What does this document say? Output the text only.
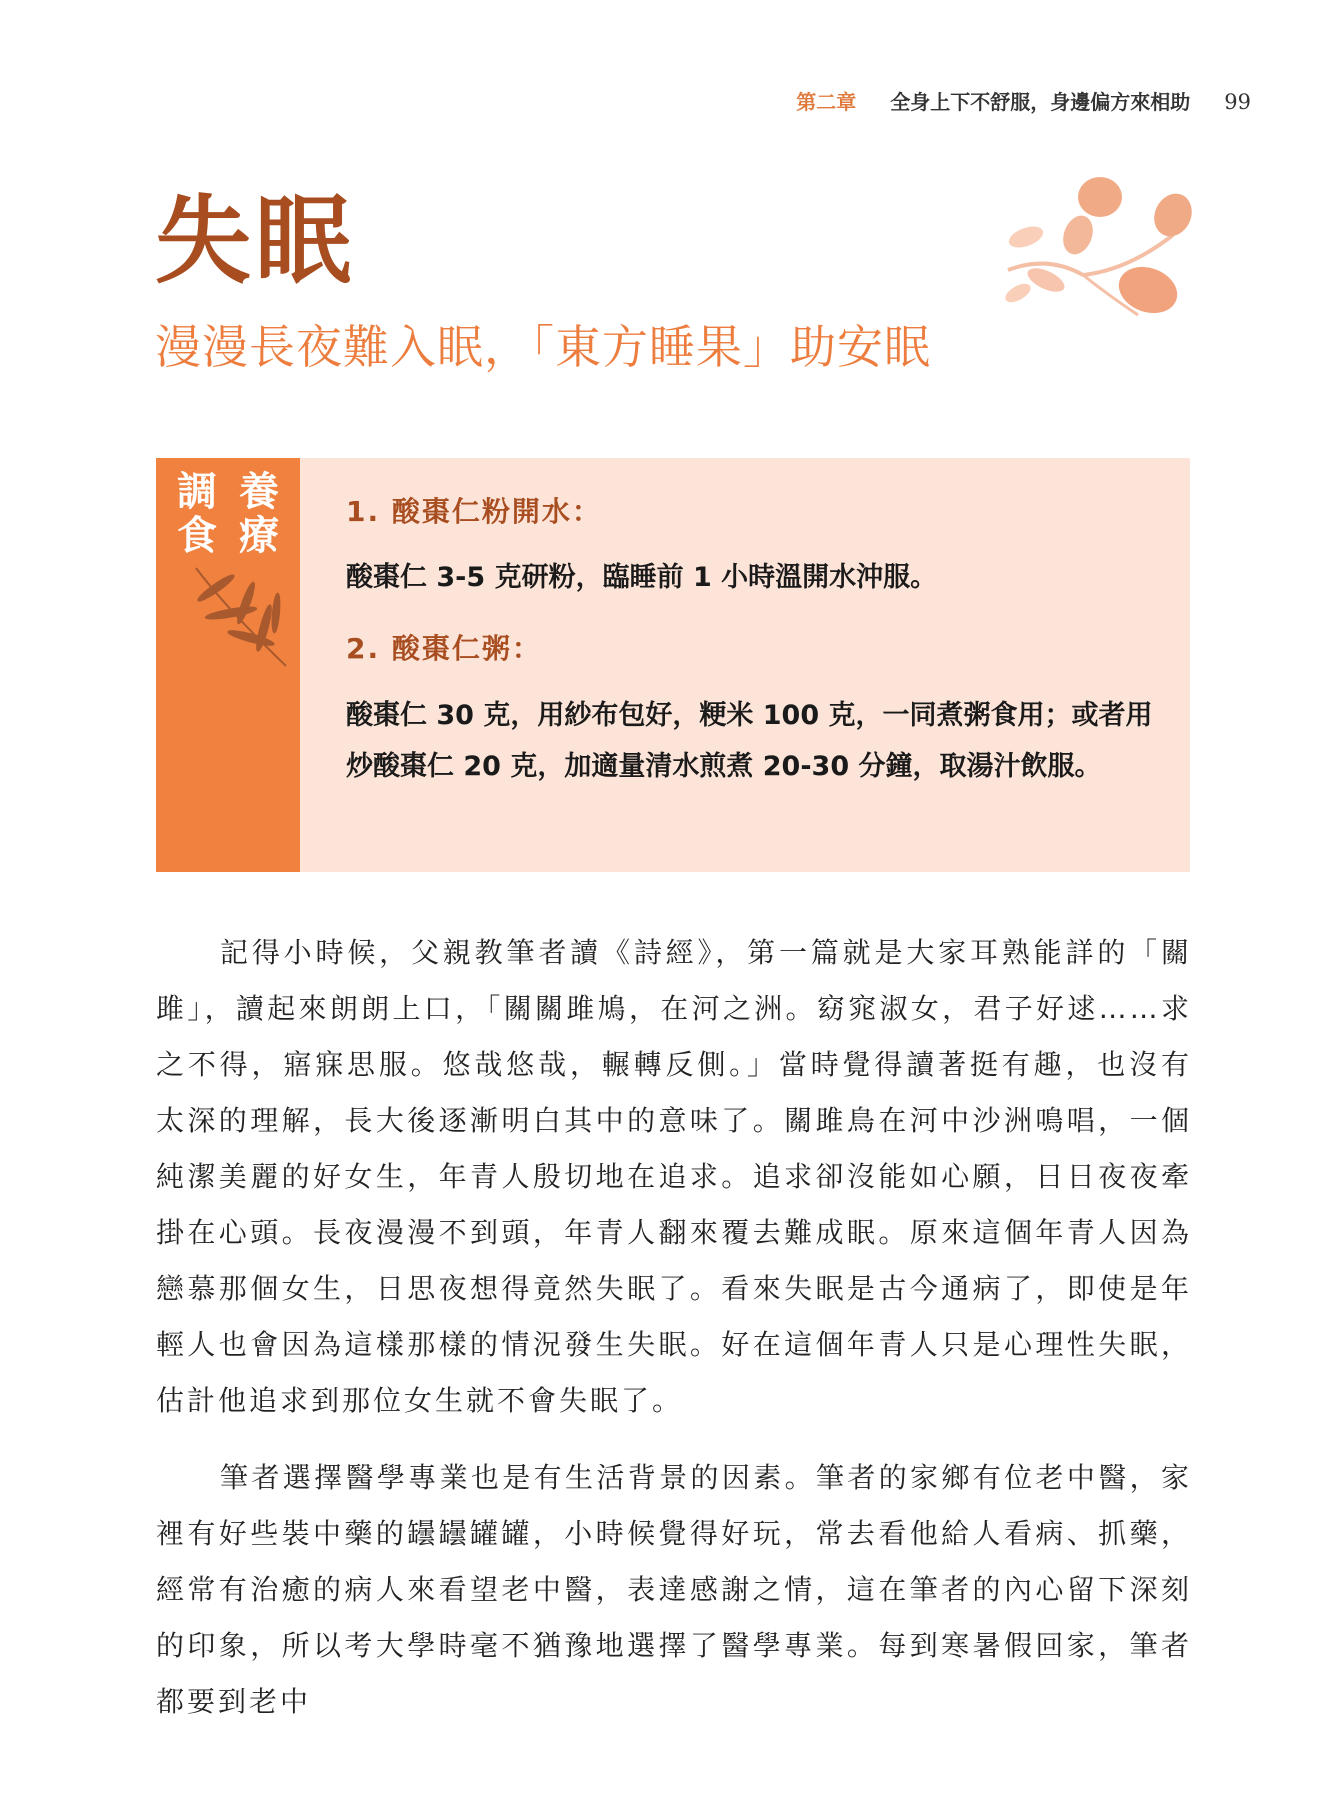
第二章 全身上下不舒服，身邊偏方來相助 99
失眠
漫漫長夜難入眠，「東方睡果」助安眠
調 養
食 療

1. 酸棗仁粉開水：

酸棗仁 3-5 克研粉，臨睡前 1 小時溫開水沖服。

2. 酸棗仁粥：

酸棗仁 30 克，用紗布包好，粳米 100 克，一同煮粥食用；或者用炒酸棗仁 20 克，加適量清水煎煮 20-30 分鐘，取湯汁飲服。

記得小時候，父親教筆者讀《詩經》，第一篇就是大家耳熟能詳的「關雎」，讀起來朗朗上口，「關關雎鳩，在河之洲。窈窕淑女，君子好逑……求之不得，寤寐思服。悠哉悠哉，輾轉反側。」當時覺得讀著挺有趣，也沒有太深的理解，長大後逐漸明白其中的意味了。關雎鳥在河中沙洲鳴唱，一個純潔美麗的好女生，年青人殷切地在追求。追求卻沒能如心願，日日夜夜牽掛在心頭。長夜漫漫不到頭，年青人翻來覆去難成眠。原來這個年青人因為戀慕那個女生，日思夜想得竟然失眠了。看來失眠是古今通病了，即使是年輕人也會因為這樣那樣的情況發生失眠。好在這個年青人只是心理性失眠，估計他追求到那位女生就不會失眠了。

筆者選擇醫學專業也是有生活背景的因素。筆者的家鄉有位老中醫，家裡有好些裝中藥的罎罎罐罐，小時候覺得好玩，常去看他給人看病、抓藥，經常有治癒的病人來看望老中醫，表達感謝之情，這在筆者的內心留下深刻的印象，所以考大學時毫不猶豫地選擇了醫學專業。每到寒暑假回家，筆者都要到老中
